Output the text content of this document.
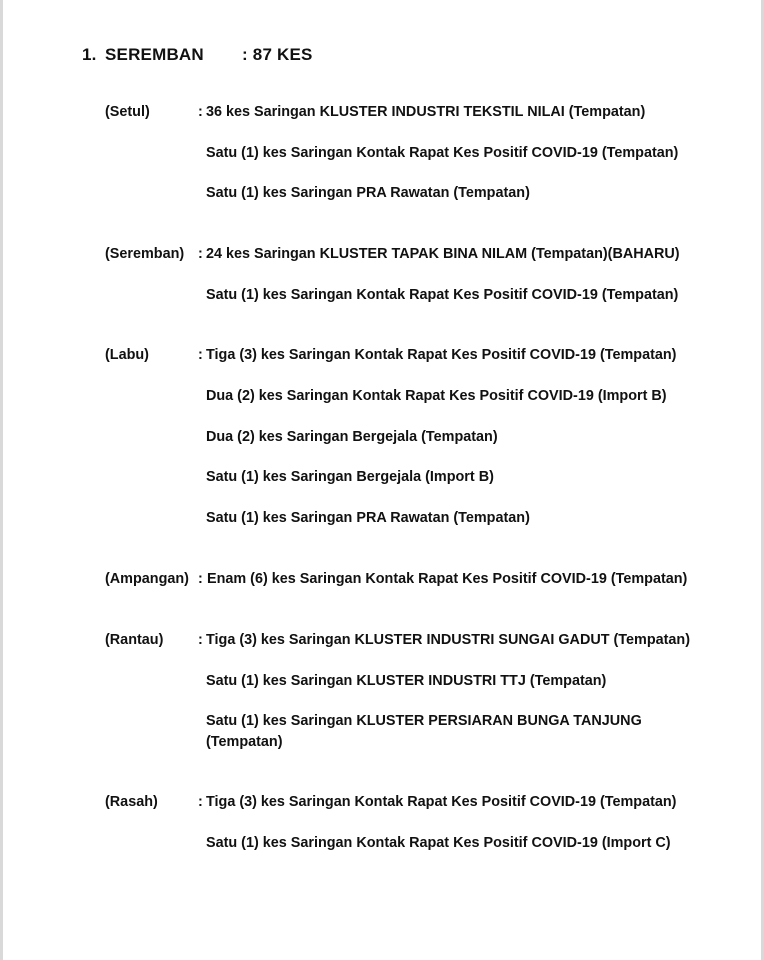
1. SEREMBAN : 87 KES
(Setul)	: 36 kes Saringan KLUSTER INDUSTRI TEKSTIL NILAI (Tempatan)
Satu (1) kes Saringan Kontak Rapat Kes Positif COVID-19 (Tempatan)
Satu (1) kes Saringan PRA Rawatan (Tempatan)
(Seremban) : 24 kes Saringan KLUSTER TAPAK BINA NILAM (Tempatan)(BAHARU)
Satu (1) kes Saringan Kontak Rapat Kes Positif COVID-19 (Tempatan)
(Labu)	: Tiga (3) kes Saringan Kontak Rapat Kes Positif COVID-19 (Tempatan)
Dua (2) kes Saringan Kontak Rapat Kes Positif COVID-19 (Import B)
Dua (2) kes Saringan Bergejala (Tempatan)
Satu (1) kes Saringan Bergejala (Import B)
Satu (1) kes Saringan PRA Rawatan (Tempatan)
(Ampangan) : Enam (6) kes Saringan Kontak Rapat Kes Positif COVID-19 (Tempatan)
(Rantau) : Tiga (3) kes Saringan KLUSTER INDUSTRI SUNGAI GADUT (Tempatan)
Satu (1) kes Saringan KLUSTER INDUSTRI TTJ (Tempatan)
Satu (1) kes Saringan KLUSTER PERSIARAN BUNGA TANJUNG (Tempatan)
(Rasah)	: Tiga (3) kes Saringan Kontak Rapat Kes Positif COVID-19 (Tempatan)
Satu (1) kes Saringan Kontak Rapat Kes Positif COVID-19 (Import C)
